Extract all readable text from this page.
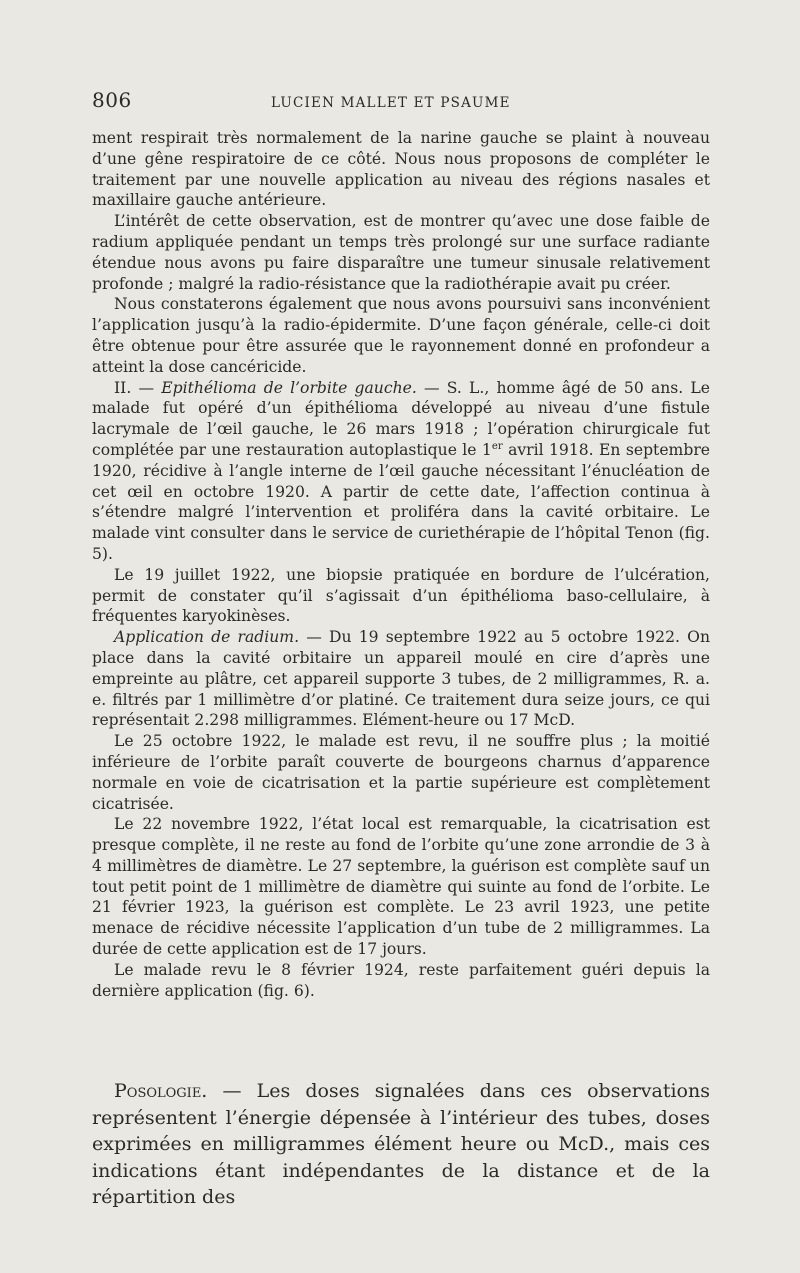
806	LUCIEN MALLET ET PSAUME

ment respirait très normalement de la narine gauche se plaint à nouveau d’une gêne respiratoire de ce côté. Nous nous proposons de compléter le traitement par une nouvelle application au niveau des régions nasales et maxillaire gauche antérieure.

L’intérêt de cette observation, est de montrer qu’avec une dose faible de radium appliquée pendant un temps très prolongé sur une surface radiante étendue nous avons pu faire disparaître une tumeur sinusale relativement profonde ; malgré la radio-résistance que la radiothérapie avait pu créer.

Nous constaterons également que nous avons poursuivi sans inconvénient l’application jusqu’à la radio-épidermite. D’une façon générale, celle-ci doit être obtenue pour être assurée que le rayonnement donné en profondeur a atteint la dose cancéricide.

II. — Epithélioma de l’orbite gauche. — S. L., homme âgé de 50 ans. Le malade fut opéré d’un épithélioma développé au niveau d’une fistule lacrymale de l’œil gauche, le 26 mars 1918 ; l’opération chirurgicale fut complétée par une restauration autoplastique le 1er avril 1918. En septembre 1920, récidive à l’angle interne de l’œil gauche nécessitant l’énucléation de cet œil en octobre 1920. A partir de cette date, l’affection continua à s’étendre malgré l’intervention et proliféra dans la cavité orbitaire. Le malade vint consulter dans le service de curiethérapie de l’hôpital Tenon (fig. 5).

Le 19 juillet 1922, une biopsie pratiquée en bordure de l’ulcération, permit de constater qu’il s’agissait d’un épithélioma baso-cellulaire, à fréquentes karyokinèses.

Application de radium. — Du 19 septembre 1922 au 5 octobre 1922. On place dans la cavité orbitaire un appareil moulé en cire d’après une empreinte au plâtre, cet appareil supporte 3 tubes, de 2 milligrammes, R. a. e. filtrés par 1 millimètre d’or platiné. Ce traitement dura seize jours, ce qui représentait 2.298 milligrammes. Elément-heure ou 17 McD.

Le 25 octobre 1922, le malade est revu, il ne souffre plus ; la moitié inférieure de l’orbite paraît couverte de bourgeons charnus d’apparence normale en voie de cicatrisation et la partie supérieure est complètement cicatrisée.

Le 22 novembre 1922, l’état local est remarquable, la cicatrisation est presque complète, il ne reste au fond de l’orbite qu’une zone arrondie de 3 à 4 millimètres de diamètre. Le 27 septembre, la guérison est complète sauf un tout petit point de 1 millimètre de diamètre qui suinte au fond de l’orbite. Le 21 février 1923, la guérison est complète. Le 23 avril 1923, une petite menace de récidive nécessite l’application d’un tube de 2 milligrammes. La durée de cette application est de 17 jours.

Le malade revu le 8 février 1924, reste parfaitement guéri depuis la dernière application (fig. 6).

Posologie. — Les doses signalées dans ces observations représentent l’énergie dépensée à l’intérieur des tubes, doses exprimées en milligrammes élément heure ou McD., mais ces indications étant indépendantes de la distance et de la répartition des
